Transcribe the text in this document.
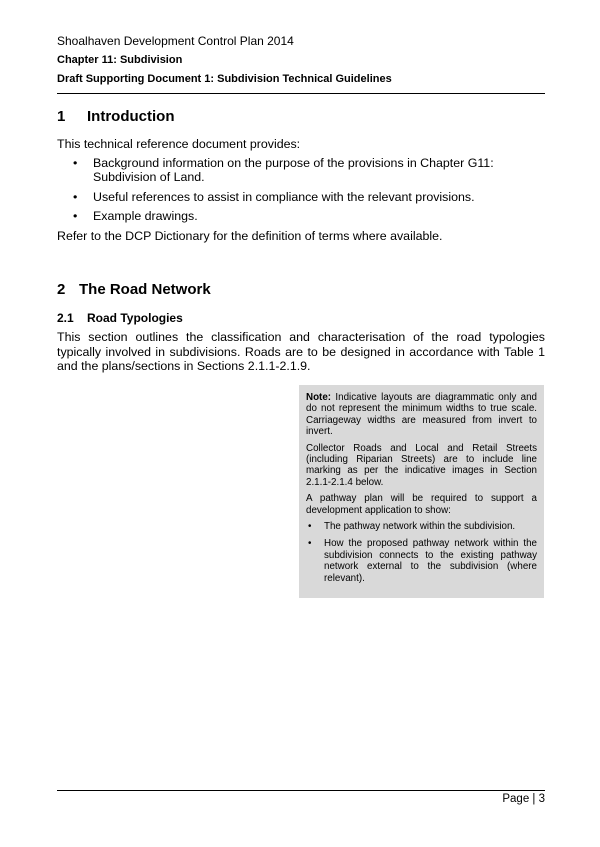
Shoalhaven Development Control Plan 2014

Chapter 11: Subdivision

Draft Supporting Document 1: Subdivision Technical Guidelines

1	Introduction

This technical reference document provides:

• Background information on the purpose of the provisions in Chapter G11: Subdivision of Land.
• Useful references to assist in compliance with the relevant provisions.
• Example drawings.

Refer to the DCP Dictionary for the definition of terms where available.

2 The Road Network
2.1	Road Typologies

This section outlines the classification and characterisation of the road typologies typically involved in subdivisions. Roads are to be designed in accordance with Table 1 and the plans/sections in Sections 2.1.1-2.1.9.

Note: Indicative layouts are diagrammatic only and do not represent the minimum widths to true scale. Carriageway widths are measured from invert to invert.

Collector Roads and Local and Retail Streets (including Riparian Streets) are to include line marking as per the indicative images in Section 2.1.1-2.1.4 below.

A pathway plan will be required to support a development application to show:

• The pathway network within the subdivision.
• How the proposed pathway network within the subdivision connects to the existing pathway network external to the subdivision (where relevant).
Page | 3
